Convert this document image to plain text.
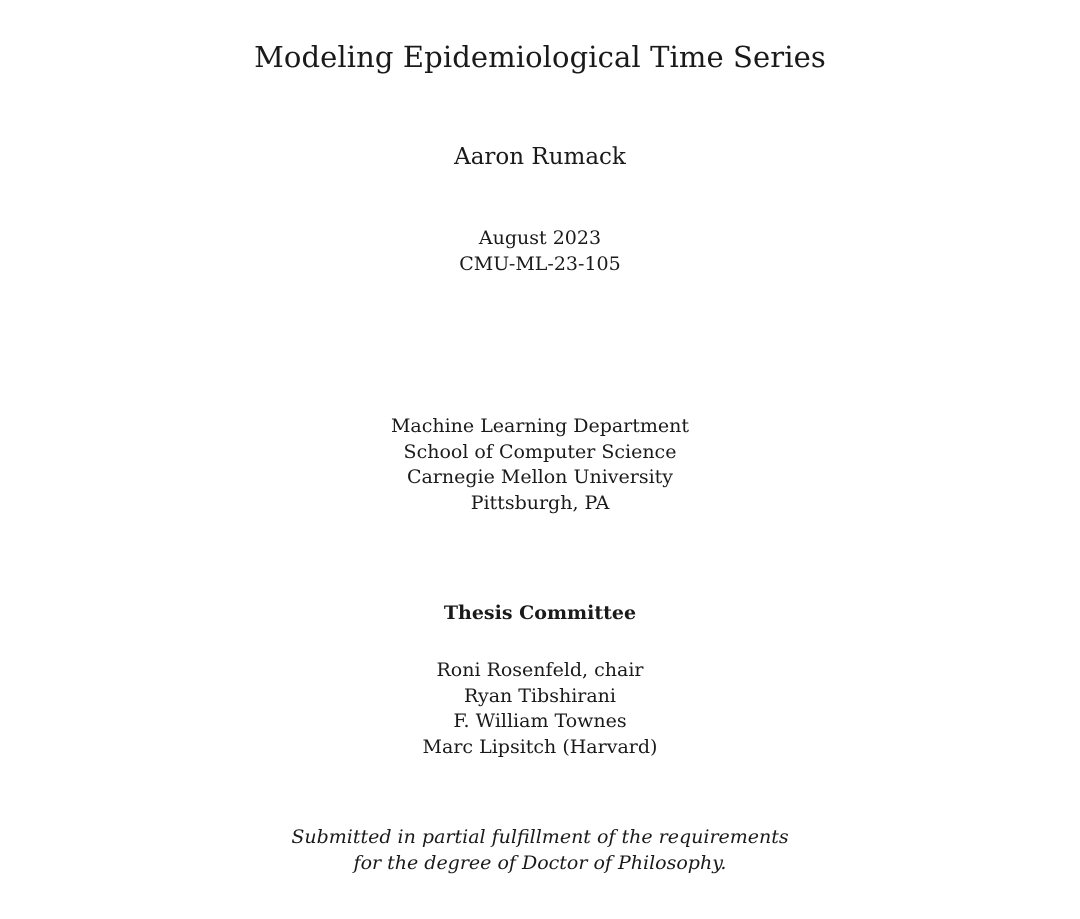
Modeling Epidemiological Time Series
Aaron Rumack
August 2023
CMU-ML-23-105
Machine Learning Department
School of Computer Science
Carnegie Mellon University
Pittsburgh, PA
Thesis Committee
Roni Rosenfeld, chair
Ryan Tibshirani
F. William Townes
Marc Lipsitch (Harvard)
Submitted in partial fulfillment of the requirements
for the degree of Doctor of Philosophy.
